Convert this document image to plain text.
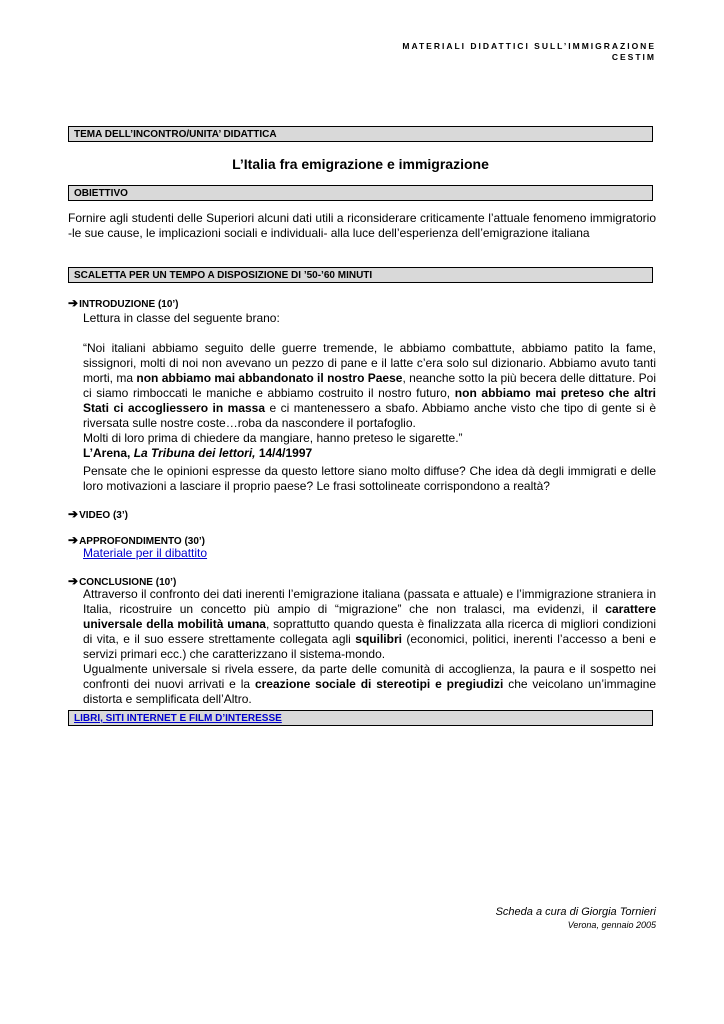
MATERIALI DIDATTICI SULL’IMMIGRAZIONE
CESTIM
TEMA DELL’INCONTRO/UNITA’ DIDATTICA
L’Italia fra emigrazione e immigrazione
OBIETTIVO
Fornire agli studenti delle Superiori alcuni dati utili a riconsiderare criticamente l’attuale fenomeno immigratorio -le sue cause, le implicazioni sociali e individuali- alla luce dell’esperienza dell’emigrazione italiana
SCALETTA PER UN TEMPO A DISPOSIZIONE DI ’50-’60 MINUTI
➔INTRODUZIONE (10’)
Lettura in classe del seguente brano:
“Noi italiani abbiamo seguito delle guerre tremende, le abbiamo combattute, abbiamo patito la fame, sissignori, molti di noi non avevano un pezzo di pane e il latte c’era solo sul dizionario. Abbiamo avuto tanti morti, ma non abbiamo mai abbandonato il nostro Paese, neanche sotto la più becera delle dittature. Poi ci siamo rimboccati le maniche e abbiamo costruito il nostro futuro, non abbiamo mai preteso che altri Stati ci accogliessero in massa e ci mantenessero a sbafo. Abbiamo anche visto che tipo di gente si è riversata sulle nostre coste…roba da nascondere il portafoglio.
Molti di loro prima di chiedere da mangiare, hanno preteso le sigarette.”
L’Arena, La Tribuna dei lettori, 14/4/1997
Pensate che le opinioni espresse da questo lettore siano molto diffuse? Che idea dà degli immigrati e delle loro motivazioni a lasciare il proprio paese? Le frasi sottolineate corrispondono a realtà?
➔VIDEO (3’)
➔APPROFONDIMENTO (30’)
Materiale per il dibattito
➔CONCLUSIONE (10’)
Attraverso il confronto dei dati inerenti l’emigrazione italiana (passata e attuale) e l’immigrazione straniera in Italia, ricostruire un concetto più ampio di “migrazione” che non tralasci, ma evidenzi, il carattere universale della mobilità umana, soprattutto quando questa è finalizzata alla ricerca di migliori condizioni di vita, e il suo essere strettamente collegata agli squilibri (economici, politici, inerenti l’accesso a beni e servizi primari ecc.) che caratterizzano il sistema-mondo.
Ugualmente universale si rivela essere, da parte delle comunità di accoglienza, la paura e il sospetto nei confronti dei nuovi arrivati e la creazione sociale di stereotipi e pregiudizi che veicolano un’immagine distorta e semplificata dell’Altro.
LIBRI, SITI INTERNET E FILM D’INTERESSE
Scheda a cura di Giorgia Tornieri
Verona, gennaio 2005
